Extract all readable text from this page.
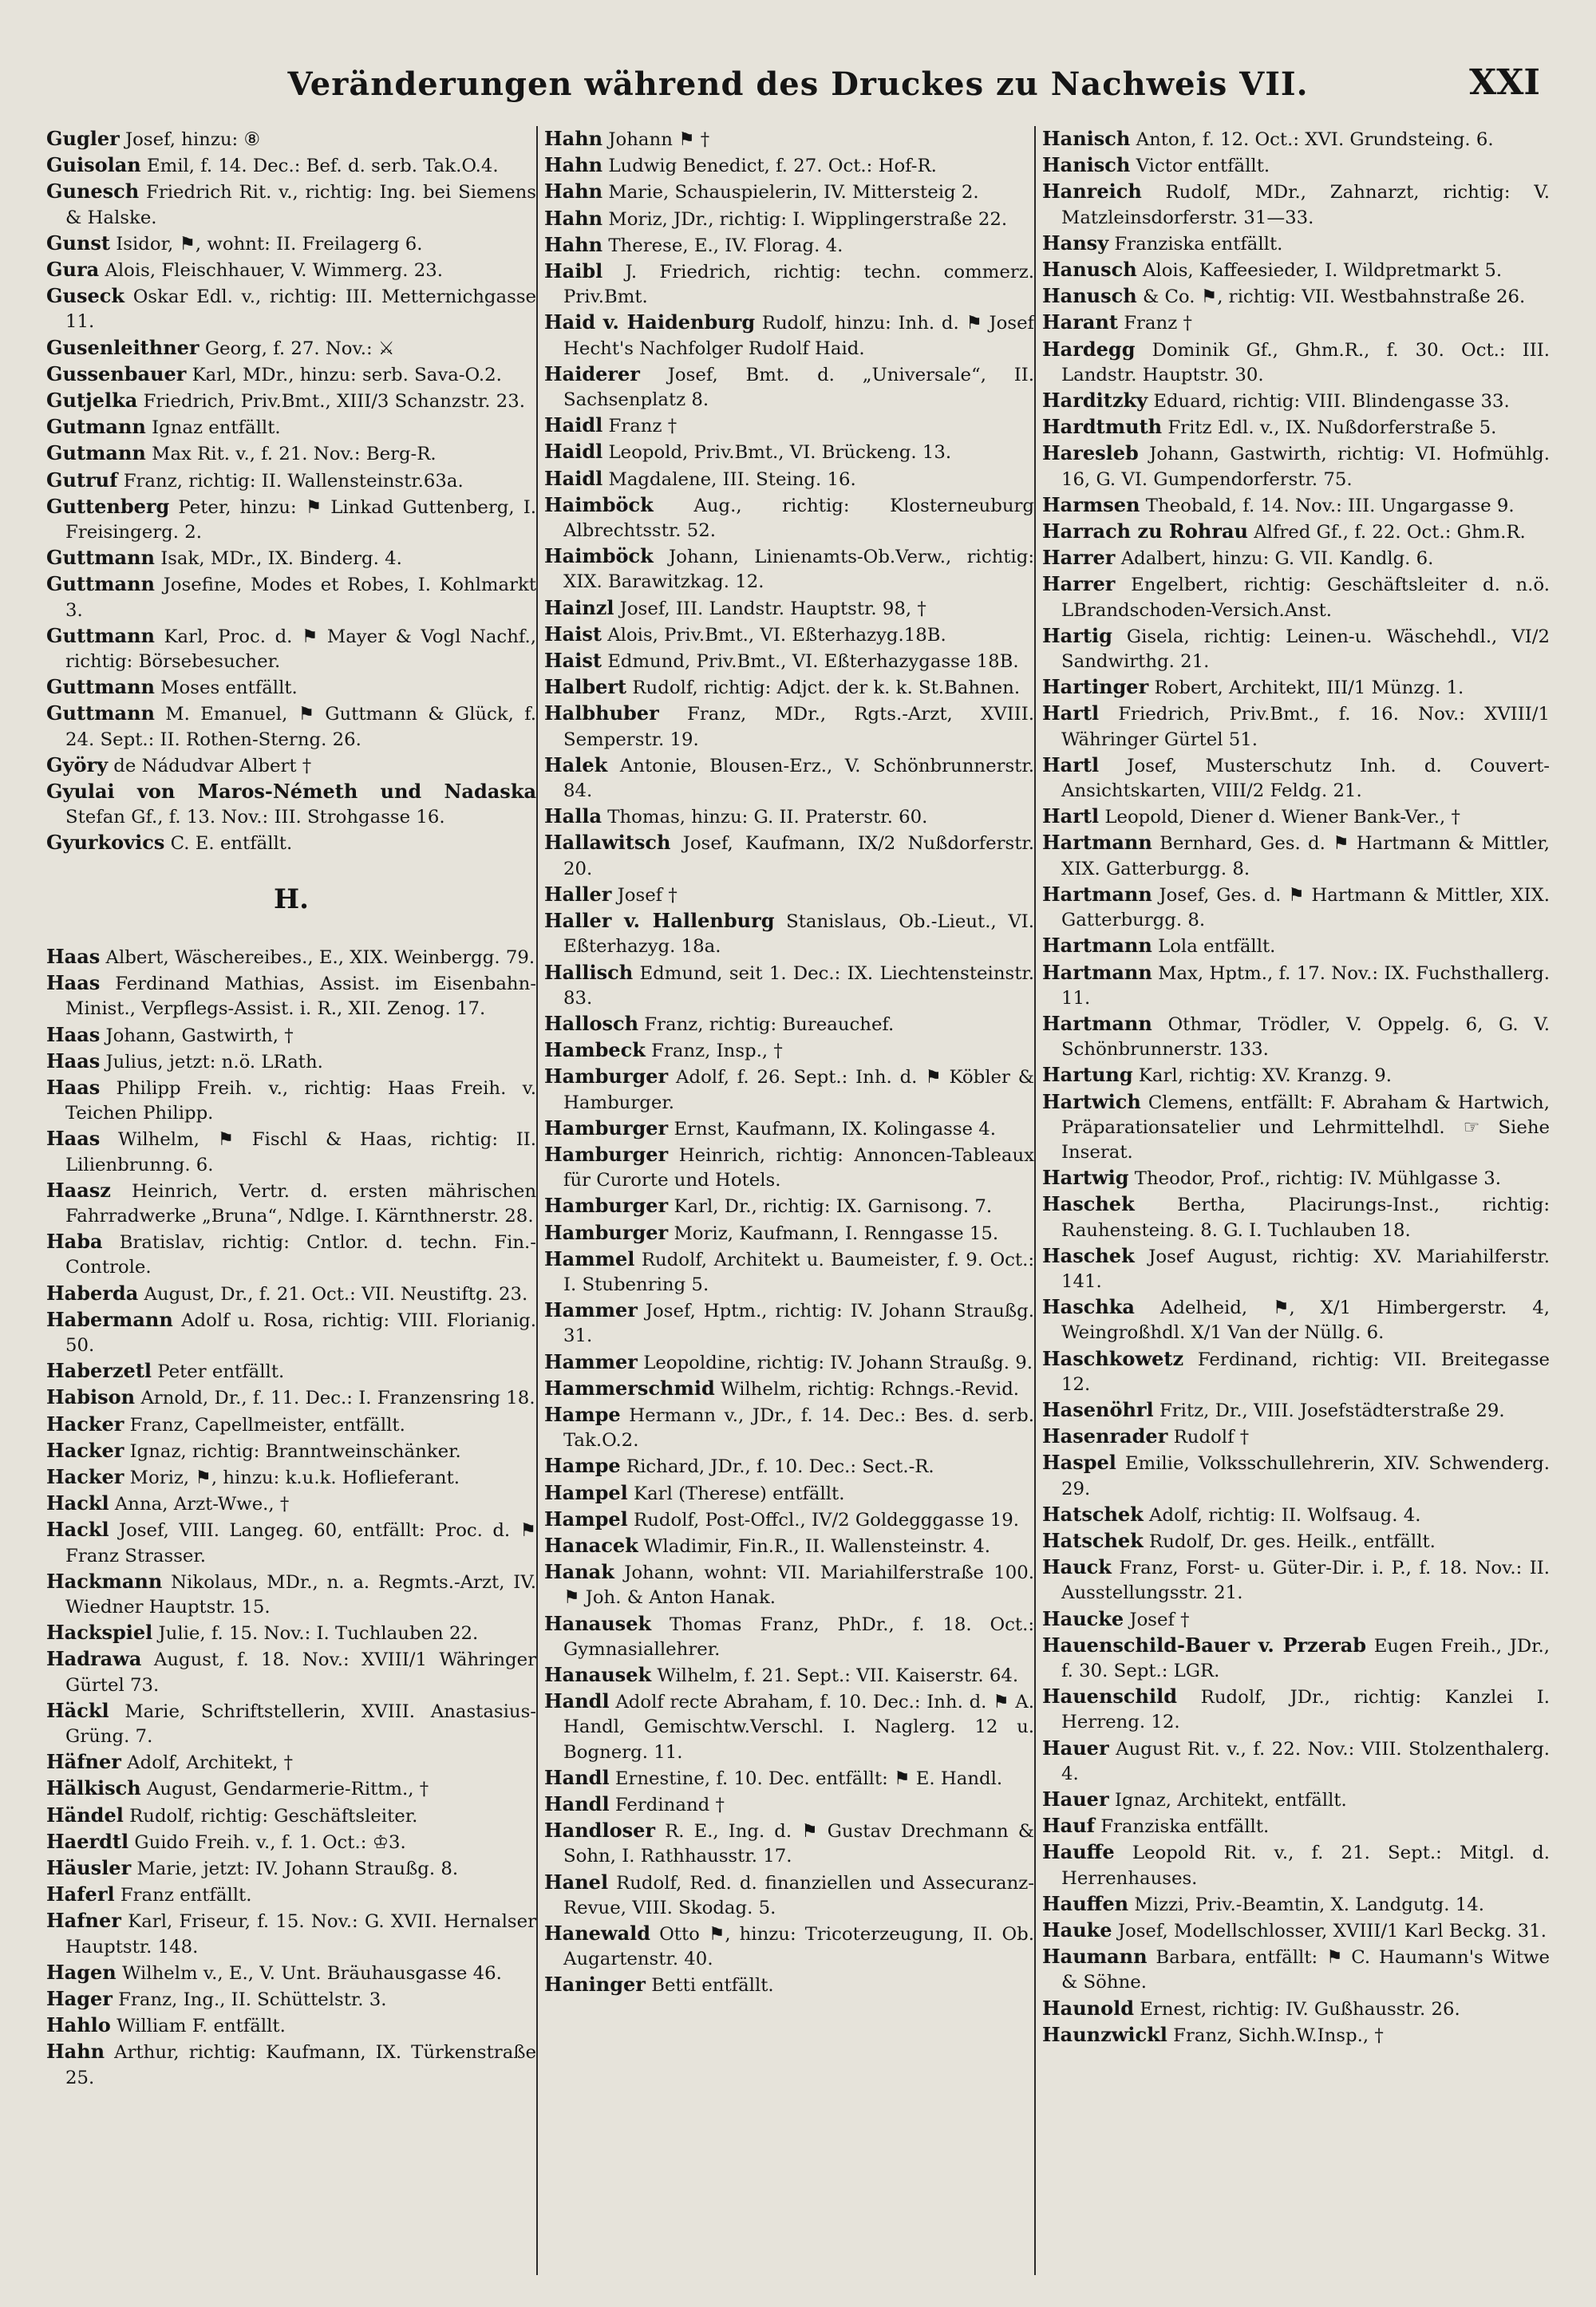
Veränderungen während des Druckes zu Nachweis VII.	XXI

Gugler Josef, hinzu: ⑧

Guisolan Emil, f. 14. Dec.: Bef. d. serb. Tak.O.4.

Gunesch Friedrich Rit. v., richtig: Ing. bei Siemens & Halske.

Gunst Isidor, ⚑, wohnt: II. Freilagerg 6.

Gura Alois, Fleischhauer, V. Wimmerg. 23.

Guseck Oskar Edl. v., richtig: III. Metternichgasse 11.

Gusenleithner Georg, f. 27. Nov.: ⚔

Gussenbauer Karl, MDr., hinzu: serb. Sava-O.2.

Gutjelka Friedrich, Priv.Bmt., XIII/3 Schanzstr. 23.

Gutmann Ignaz entfällt.

Gutmann Max Rit. v., f. 21. Nov.: Berg-R.

Gutruf Franz, richtig: II. Wallensteinstr.63a.

Guttenberg Peter, hinzu: ⚑ Linkad Guttenberg, I. Freisingerg. 2.

Guttmann Isak, MDr., IX. Binderg. 4.

Guttmann Josefine, Modes et Robes, I. Kohlmarkt 3.

Guttmann Karl, Proc. d. ⚑ Mayer & Vogl Nachf., richtig: Börsebesucher.

Guttmann Moses entfällt.

Guttmann M. Emanuel, ⚑ Guttmann & Glück, f. 24. Sept.: II. Rothen-Sterng. 26.

Györy de Nádudvar Albert †

Gyulai von Maros-Németh und Nadaska Stefan Gf., f. 13. Nov.: III. Strohgasse 16.

Gyurkovics C. E. entfällt.

H.

Haas Albert, Wäschereibes., E., XIX. Weinbergg. 79.

Haas Ferdinand Mathias, Assist. im Eisenbahn-Minist., Verpflegs-Assist. i. R., XII. Zenog. 17.

Haas Johann, Gastwirth, †

Haas Julius, jetzt: n.ö. LRath.

Haas Philipp Freih. v., richtig: Haas Freih. v. Teichen Philipp.

Haas Wilhelm, ⚑ Fischl & Haas, richtig: II. Lilienbrunng. 6.

Haasz Heinrich, Vertr. d. ersten mährischen Fahrradwerke „Bruna“, Ndlge. I. Kärnthnerstr. 28.

Haba Bratislav, richtig: Cntlor. d. techn. Fin.-Controle.

Haberda August, Dr., f. 21. Oct.: VII. Neustiftg. 23.

Habermann Adolf u. Rosa, richtig: VIII. Florianig. 50.

Haberzetl Peter entfällt.

Habison Arnold, Dr., f. 11. Dec.: I. Franzensring 18.

Hacker Franz, Capellmeister, entfällt.

Hacker Ignaz, richtig: Branntweinschänker.

Hacker Moriz, ⚑, hinzu: k.u.k. Hoflieferant.

Hackl Anna, Arzt-Wwe., †

Hackl Josef, VIII. Langeg. 60, entfällt: Proc. d. ⚑ Franz Strasser.

Hackmann Nikolaus, MDr., n. a. Regmts.-Arzt, IV. Wiedner Hauptstr. 15.

Hackspiel Julie, f. 15. Nov.: I. Tuchlauben 22.

Hadrawa August, f. 18. Nov.: XVIII/1 Währinger Gürtel 73.

Häckl Marie, Schriftstellerin, XVIII. Anastasius-Grüng. 7.

Häfner Adolf, Architekt, †

Hälkisch August, Gendarmerie-Rittm., †

Händel Rudolf, richtig: Geschäftsleiter.

Haerdtl Guido Freih. v., f. 1. Oct.: ♔3.

Häusler Marie, jetzt: IV. Johann Straußg. 8.

Haferl Franz entfällt.

Hafner Karl, Friseur, f. 15. Nov.: G. XVII. Hernalser Hauptstr. 148.

Hagen Wilhelm v., E., V. Unt. Bräuhausgasse 46.

Hager Franz, Ing., II. Schüttelstr. 3.

Hahlo William F. entfällt.

Hahn Arthur, richtig: Kaufmann, IX. Türkenstraße 25.

Hahn Johann ⚑ †

Hahn Ludwig Benedict, f. 27. Oct.: Hof-R.

Hahn Marie, Schauspielerin, IV. Mittersteig 2.

Hahn Moriz, JDr., richtig: I. Wipplingerstraße 22.

Hahn Therese, E., IV. Florag. 4.

Haibl J. Friedrich, richtig: techn. commerz. Priv.Bmt.

Haid v. Haidenburg Rudolf, hinzu: Inh. d. ⚑ Josef Hecht's Nachfolger Rudolf Haid.

Haiderer Josef, Bmt. d. „Universale“, II. Sachsenplatz 8.

Haidl Franz †

Haidl Leopold, Priv.Bmt., VI. Brückeng. 13.

Haidl Magdalene, III. Steing. 16.

Haimböck Aug., richtig: Klosterneuburg Albrechtsstr. 52.

Haimböck Johann, Linienamts-Ob.Verw., richtig: XIX. Barawitzkag. 12.

Hainzl Josef, III. Landstr. Hauptstr. 98, †

Haist Alois, Priv.Bmt., VI. Eßterhazyg.18B.

Haist Edmund, Priv.Bmt., VI. Eßterhazygasse 18B.

Halbert Rudolf, richtig: Adjct. der k. k. St.Bahnen.

Halbhuber Franz, MDr., Rgts.-Arzt, XVIII. Semperstr. 19.

Halek Antonie, Blousen-Erz., V. Schönbrunnerstr. 84.

Halla Thomas, hinzu: G. II. Praterstr. 60.

Hallawitsch Josef, Kaufmann, IX/2 Nußdorferstr. 20.

Haller Josef †

Haller v. Hallenburg Stanislaus, Ob.-Lieut., VI. Eßterhazyg. 18a.

Hallisch Edmund, seit 1. Dec.: IX. Liechtensteinstr. 83.

Hallosch Franz, richtig: Bureauchef.

Hambeck Franz, Insp., †

Hamburger Adolf, f. 26. Sept.: Inh. d. ⚑ Köbler & Hamburger.

Hamburger Ernst, Kaufmann, IX. Kolingasse 4.

Hamburger Heinrich, richtig: Annoncen-Tableaux für Curorte und Hotels.

Hamburger Karl, Dr., richtig: IX. Garnisong. 7.

Hamburger Moriz, Kaufmann, I. Renngasse 15.

Hammel Rudolf, Architekt u. Baumeister, f. 9. Oct.: I. Stubenring 5.

Hammer Josef, Hptm., richtig: IV. Johann Straußg. 31.

Hammer Leopoldine, richtig: IV. Johann Straußg. 9.

Hammerschmid Wilhelm, richtig: Rchngs.-Revid.

Hampe Hermann v., JDr., f. 14. Dec.: Bes. d. serb. Tak.O.2.

Hampe Richard, JDr., f. 10. Dec.: Sect.-R.

Hampel Karl (Therese) entfällt.

Hampel Rudolf, Post-Offcl., IV/2 Goldegggasse 19.

Hanacek Wladimir, Fin.R., II. Wallensteinstr. 4.

Hanak Johann, wohnt: VII. Mariahilferstraße 100. ⚑ Joh. & Anton Hanak.

Hanausek Thomas Franz, PhDr., f. 18. Oct.: Gymnasiallehrer.

Hanausek Wilhelm, f. 21. Sept.: VII. Kaiserstr. 64.

Handl Adolf recte Abraham, f. 10. Dec.: Inh. d. ⚑ A. Handl, Gemischtw.Verschl. I. Naglerg. 12 u. Bognerg. 11.

Handl Ernestine, f. 10. Dec. entfällt: ⚑ E. Handl.

Handl Ferdinand †

Handloser R. E., Ing. d. ⚑ Gustav Drechmann & Sohn, I. Rathhausstr. 17.

Hanel Rudolf, Red. d. finanziellen und Assecuranz-Revue, VIII. Skodag. 5.

Hanewald Otto ⚑, hinzu: Tricoterzeugung, II. Ob. Augartenstr. 40.

Haninger Betti entfällt.

Hanisch Anton, f. 12. Oct.: XVI. Grundsteing. 6.

Hanisch Victor entfällt.

Hanreich Rudolf, MDr., Zahnarzt, richtig: V. Matzleinsdorferstr. 31—33.

Hansy Franziska entfällt.

Hanusch Alois, Kaffeesieder, I. Wildpretmarkt 5.

Hanusch & Co. ⚑, richtig: VII. Westbahnstraße 26.

Harant Franz †

Hardegg Dominik Gf., Ghm.R., f. 30. Oct.: III. Landstr. Hauptstr. 30.

Harditzky Eduard, richtig: VIII. Blindengasse 33.

Hardtmuth Fritz Edl. v., IX. Nußdorferstraße 5.

Haresleb Johann, Gastwirth, richtig: VI. Hofmühlg. 16, G. VI. Gumpendorferstr. 75.

Harmsen Theobald, f. 14. Nov.: III. Ungargasse 9.

Harrach zu Rohrau Alfred Gf., f. 22. Oct.: Ghm.R.

Harrer Adalbert, hinzu: G. VII. Kandlg. 6.

Harrer Engelbert, richtig: Geschäftsleiter d. n.ö. LBrandschoden-Versich.Anst.

Hartig Gisela, richtig: Leinen-u. Wäschehdl., VI/2 Sandwirthg. 21.

Hartinger Robert, Architekt, III/1 Münzg. 1.

Hartl Friedrich, Priv.Bmt., f. 16. Nov.: XVIII/1 Währinger Gürtel 51.

Hartl Josef, Musterschutz Inh. d. Couvert-Ansichtskarten, VIII/2 Feldg. 21.

Hartl Leopold, Diener d. Wiener Bank-Ver., †

Hartmann Bernhard, Ges. d. ⚑ Hartmann & Mittler, XIX. Gatterburgg. 8.

Hartmann Josef, Ges. d. ⚑ Hartmann & Mittler, XIX. Gatterburgg. 8.

Hartmann Lola entfällt.

Hartmann Max, Hptm., f. 17. Nov.: IX. Fuchsthallerg. 11.

Hartmann Othmar, Trödler, V. Oppelg. 6, G. V. Schönbrunnerstr. 133.

Hartung Karl, richtig: XV. Kranzg. 9.

Hartwich Clemens, entfällt: F. Abraham & Hartwich, Präparationsatelier und Lehrmittelhdl. ☞ Siehe Inserat.

Hartwig Theodor, Prof., richtig: IV. Mühlgasse 3.

Haschek Bertha, Placirungs-Inst., richtig: Rauhensteing. 8. G. I. Tuchlauben 18.

Haschek Josef August, richtig: XV. Mariahilferstr. 141.

Haschka Adelheid, ⚑, X/1 Himbergerstr. 4, Weingroßhdl. X/1 Van der Nüllg. 6.

Haschkowetz Ferdinand, richtig: VII. Breitegasse 12.

Hasenöhrl Fritz, Dr., VIII. Josefstädterstraße 29.

Hasenrader Rudolf †

Haspel Emilie, Volksschullehrerin, XIV. Schwenderg. 29.

Hatschek Adolf, richtig: II. Wolfsaug. 4.

Hatschek Rudolf, Dr. ges. Heilk., entfällt.

Hauck Franz, Forst- u. Güter-Dir. i. P., f. 18. Nov.: II. Ausstellungsstr. 21.

Haucke Josef †

Hauenschild-Bauer v. Przerab Eugen Freih., JDr., f. 30. Sept.: LGR.

Hauenschild Rudolf, JDr., richtig: Kanzlei I. Herreng. 12.

Hauer August Rit. v., f. 22. Nov.: VIII. Stolzenthalerg. 4.

Hauer Ignaz, Architekt, entfällt.

Hauf Franziska entfällt.

Hauffe Leopold Rit. v., f. 21. Sept.: Mitgl. d. Herrenhauses.

Hauffen Mizzi, Priv.-Beamtin, X. Landgutg. 14.

Hauke Josef, Modellschlosser, XVIII/1 Karl Beckg. 31.

Haumann Barbara, entfällt: ⚑ C. Haumann's Witwe & Söhne.

Haunold Ernest, richtig: IV. Gußhausstr. 26.

Haunzwickl Franz, Sichh.W.Insp., †
